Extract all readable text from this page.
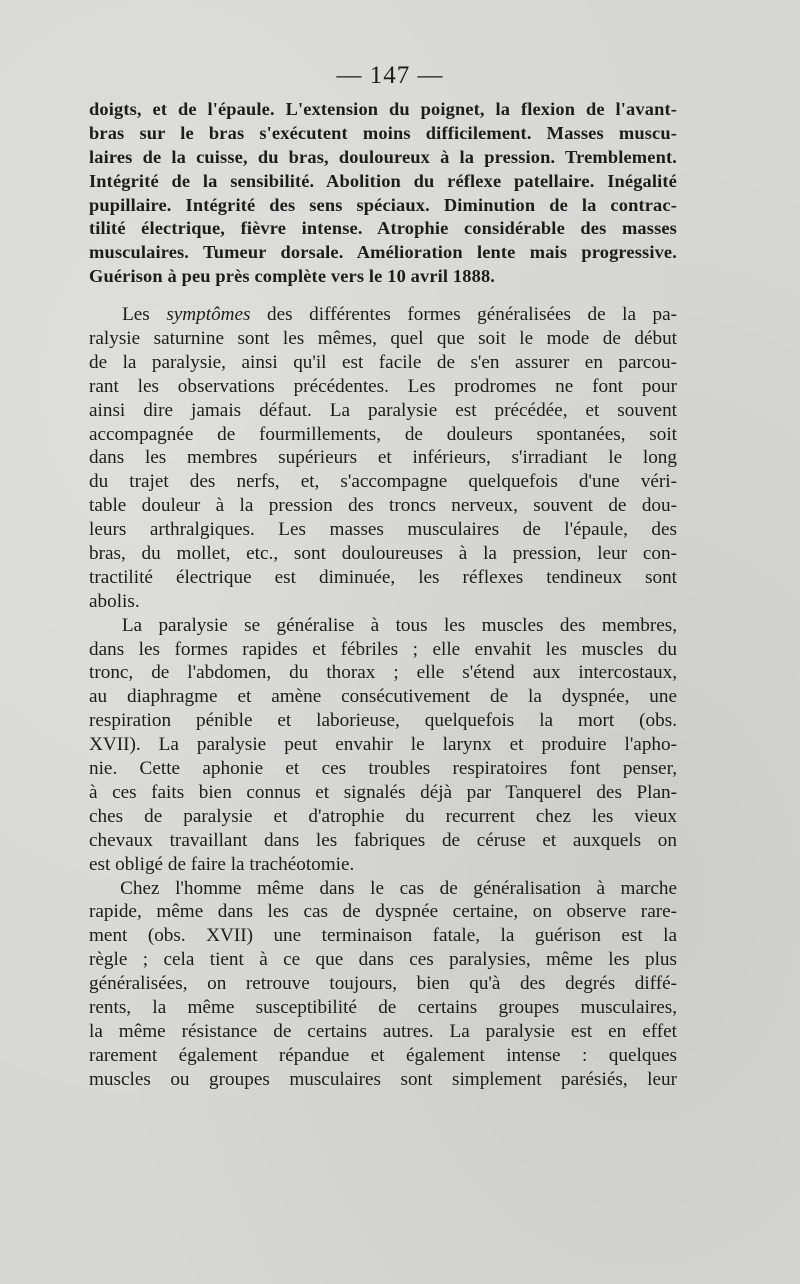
— 147 —

doigts, et de l'épaule. L'extension du poignet, la flexion de l'avant-
bras sur le bras s'exécutent moins difficilement. Masses muscu-
laires de la cuisse, du bras, douloureux à la pression. Tremblement.
Intégrité de la sensibilité. Abolition du réflexe patellaire. Inégalité
pupillaire. Intégrité des sens spéciaux. Diminution de la contrac-
tilité électrique, fièvre intense. Atrophie considérable des masses
musculaires. Tumeur dorsale. Amélioration lente mais progressive.
Guérison à peu près complète vers le 10 avril 1888.

Les symptômes des différentes formes généralisées de la pa-
ralysie saturnine sont les mêmes, quel que soit le mode de début
de la paralysie, ainsi qu'il est facile de s'en assurer en parcou-
rant les observations précédentes. Les prodromes ne font pour
ainsi dire jamais défaut. La paralysie est précédée, et souvent
accompagnée de fourmillements, de douleurs spontanées, soit
dans les membres supérieurs et inférieurs, s'irradiant le long
du trajet des nerfs, et, s'accompagne quelquefois d'une véri-
table douleur à la pression des troncs nerveux, souvent de dou-
leurs arthralgiques. Les masses musculaires de l'épaule, des
bras, du mollet, etc., sont douloureuses à la pression, leur con-
tractilité électrique est diminuée, les réflexes tendineux sont
abolis.

La paralysie se généralise à tous les muscles des membres,
dans les formes rapides et fébriles ; elle envahit les muscles du
tronc, de l'abdomen, du thorax ; elle s'étend aux intercostaux,
au diaphragme et amène consécutivement de la dyspnée, une
respiration pénible et laborieuse, quelquefois la mort (obs.
XVII). La paralysie peut envahir le larynx et produire l'apho-
nie. Cette aphonie et ces troubles respiratoires font penser,
à ces faits bien connus et signalés déjà par Tanquerel des Plan-
ches de paralysie et d'atrophie du recurrent chez les vieux
chevaux travaillant dans les fabriques de céruse et auxquels on
est obligé de faire la trachéotomie.

Chez l'homme même dans le cas de généralisation à marche
rapide, même dans les cas de dyspnée certaine, on observe rare-
ment (obs. XVII) une terminaison fatale, la guérison est la
règle ; cela tient à ce que dans ces paralysies, même les plus
généralisées, on retrouve toujours, bien qu'à des degrés diffé-
rents, la même susceptibilité de certains groupes musculaires,
la même résistance de certains autres. La paralysie est en effet
rarement également répandue et également intense : quelques
muscles ou groupes musculaires sont simplement parésiés, leur
